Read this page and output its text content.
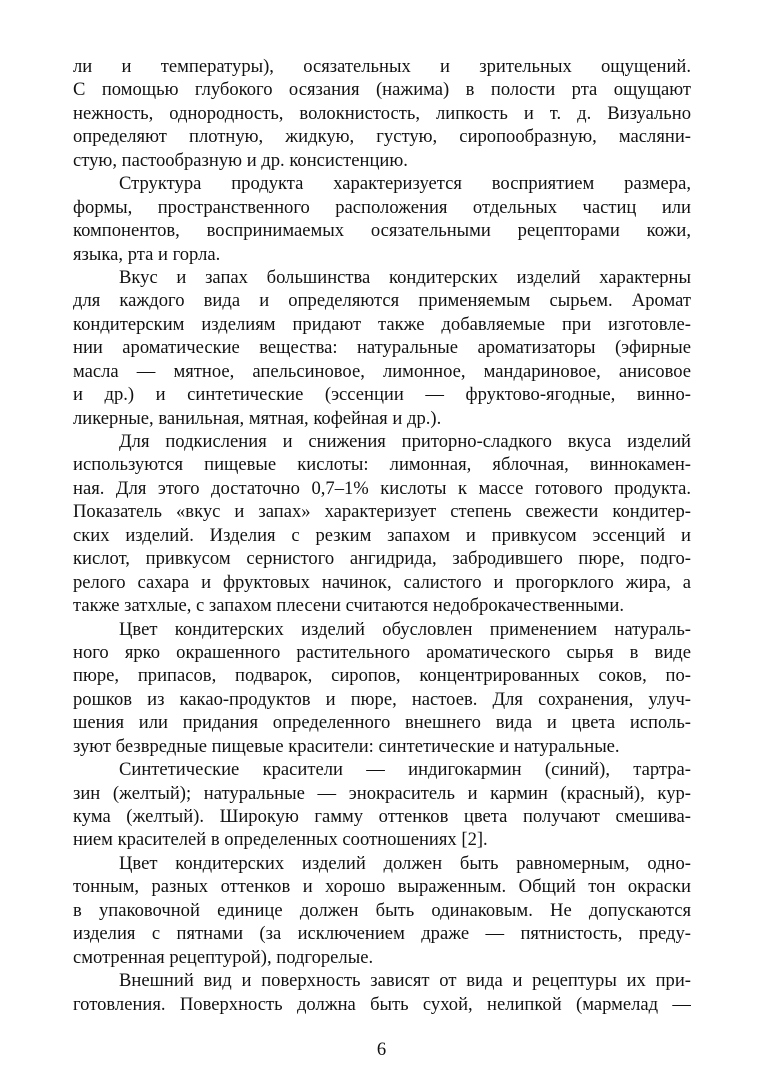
ли и температуры), осязательных и зрительных ощущений.
С помощью глубокого осязания (нажима) в полости рта ощущают
нежность, однородность, волокнистость, липкость и т. д. Визуально
определяют плотную, жидкую, густую, сиропообразную, масляни-
стую, пастообразную и др. консистенцию.
Структура продукта характеризуется восприятием размера,
формы, пространственного расположения отдельных частиц или
компонентов, воспринимаемых осязательными рецепторами кожи,
языка, рта и горла.
Вкус и запах большинства кондитерских изделий характерны
для каждого вида и определяются применяемым сырьем. Аромат
кондитерским изделиям придают также добавляемые при изготовле-
нии ароматические вещества: натуральные ароматизаторы (эфирные
масла — мятное, апельсиновое, лимонное, мандариновое, анисовое
и др.) и синтетические (эссенции — фруктово-ягодные, винно-
ликерные, ванильная, мятная, кофейная и др.).
Для подкисления и снижения приторно-сладкого вкуса изделий
используются пищевые кислоты: лимонная, яблочная, виннокамен-
ная. Для этого достаточно 0,7–1% кислоты к массе готового продукта.
Показатель «вкус и запах» характеризует степень свежести кондитер-
ских изделий. Изделия с резким запахом и привкусом эссенций и
кислот, привкусом сернистого ангидрида, забродившего пюре, подго-
релого сахара и фруктовых начинок, салистого и прогорклого жира, а
также затхлые, с запахом плесени считаются недоброкачественными.
Цвет кондитерских изделий обусловлен применением натураль-
ного ярко окрашенного растительного ароматического сырья в виде
пюре, припасов, подварок, сиропов, концентрированных соков, по-
рошков из какао-продуктов и пюре, настоев. Для сохранения, улуч-
шения или придания определенного внешнего вида и цвета исполь-
зуют безвредные пищевые красители: синтетические и натуральные.
Синтетические красители — индигокармин (синий), тартра-
зин (желтый); натуральные — энокраситель и кармин (красный), кур-
кума (желтый). Широкую гамму оттенков цвета получают смешива-
нием красителей в определенных соотношениях [2].
Цвет кондитерских изделий должен быть равномерным, одно-
тонным, разных оттенков и хорошо выраженным. Общий тон окраски
в упаковочной единице должен быть одинаковым. Не допускаются
изделия с пятнами (за исключением драже — пятнистость, преду-
смотренная рецептурой), подгорелые.
Внешний вид и поверхность зависят от вида и рецептуры их при-
готовления. Поверхность должна быть сухой, нелипкой (мармелад —
6
